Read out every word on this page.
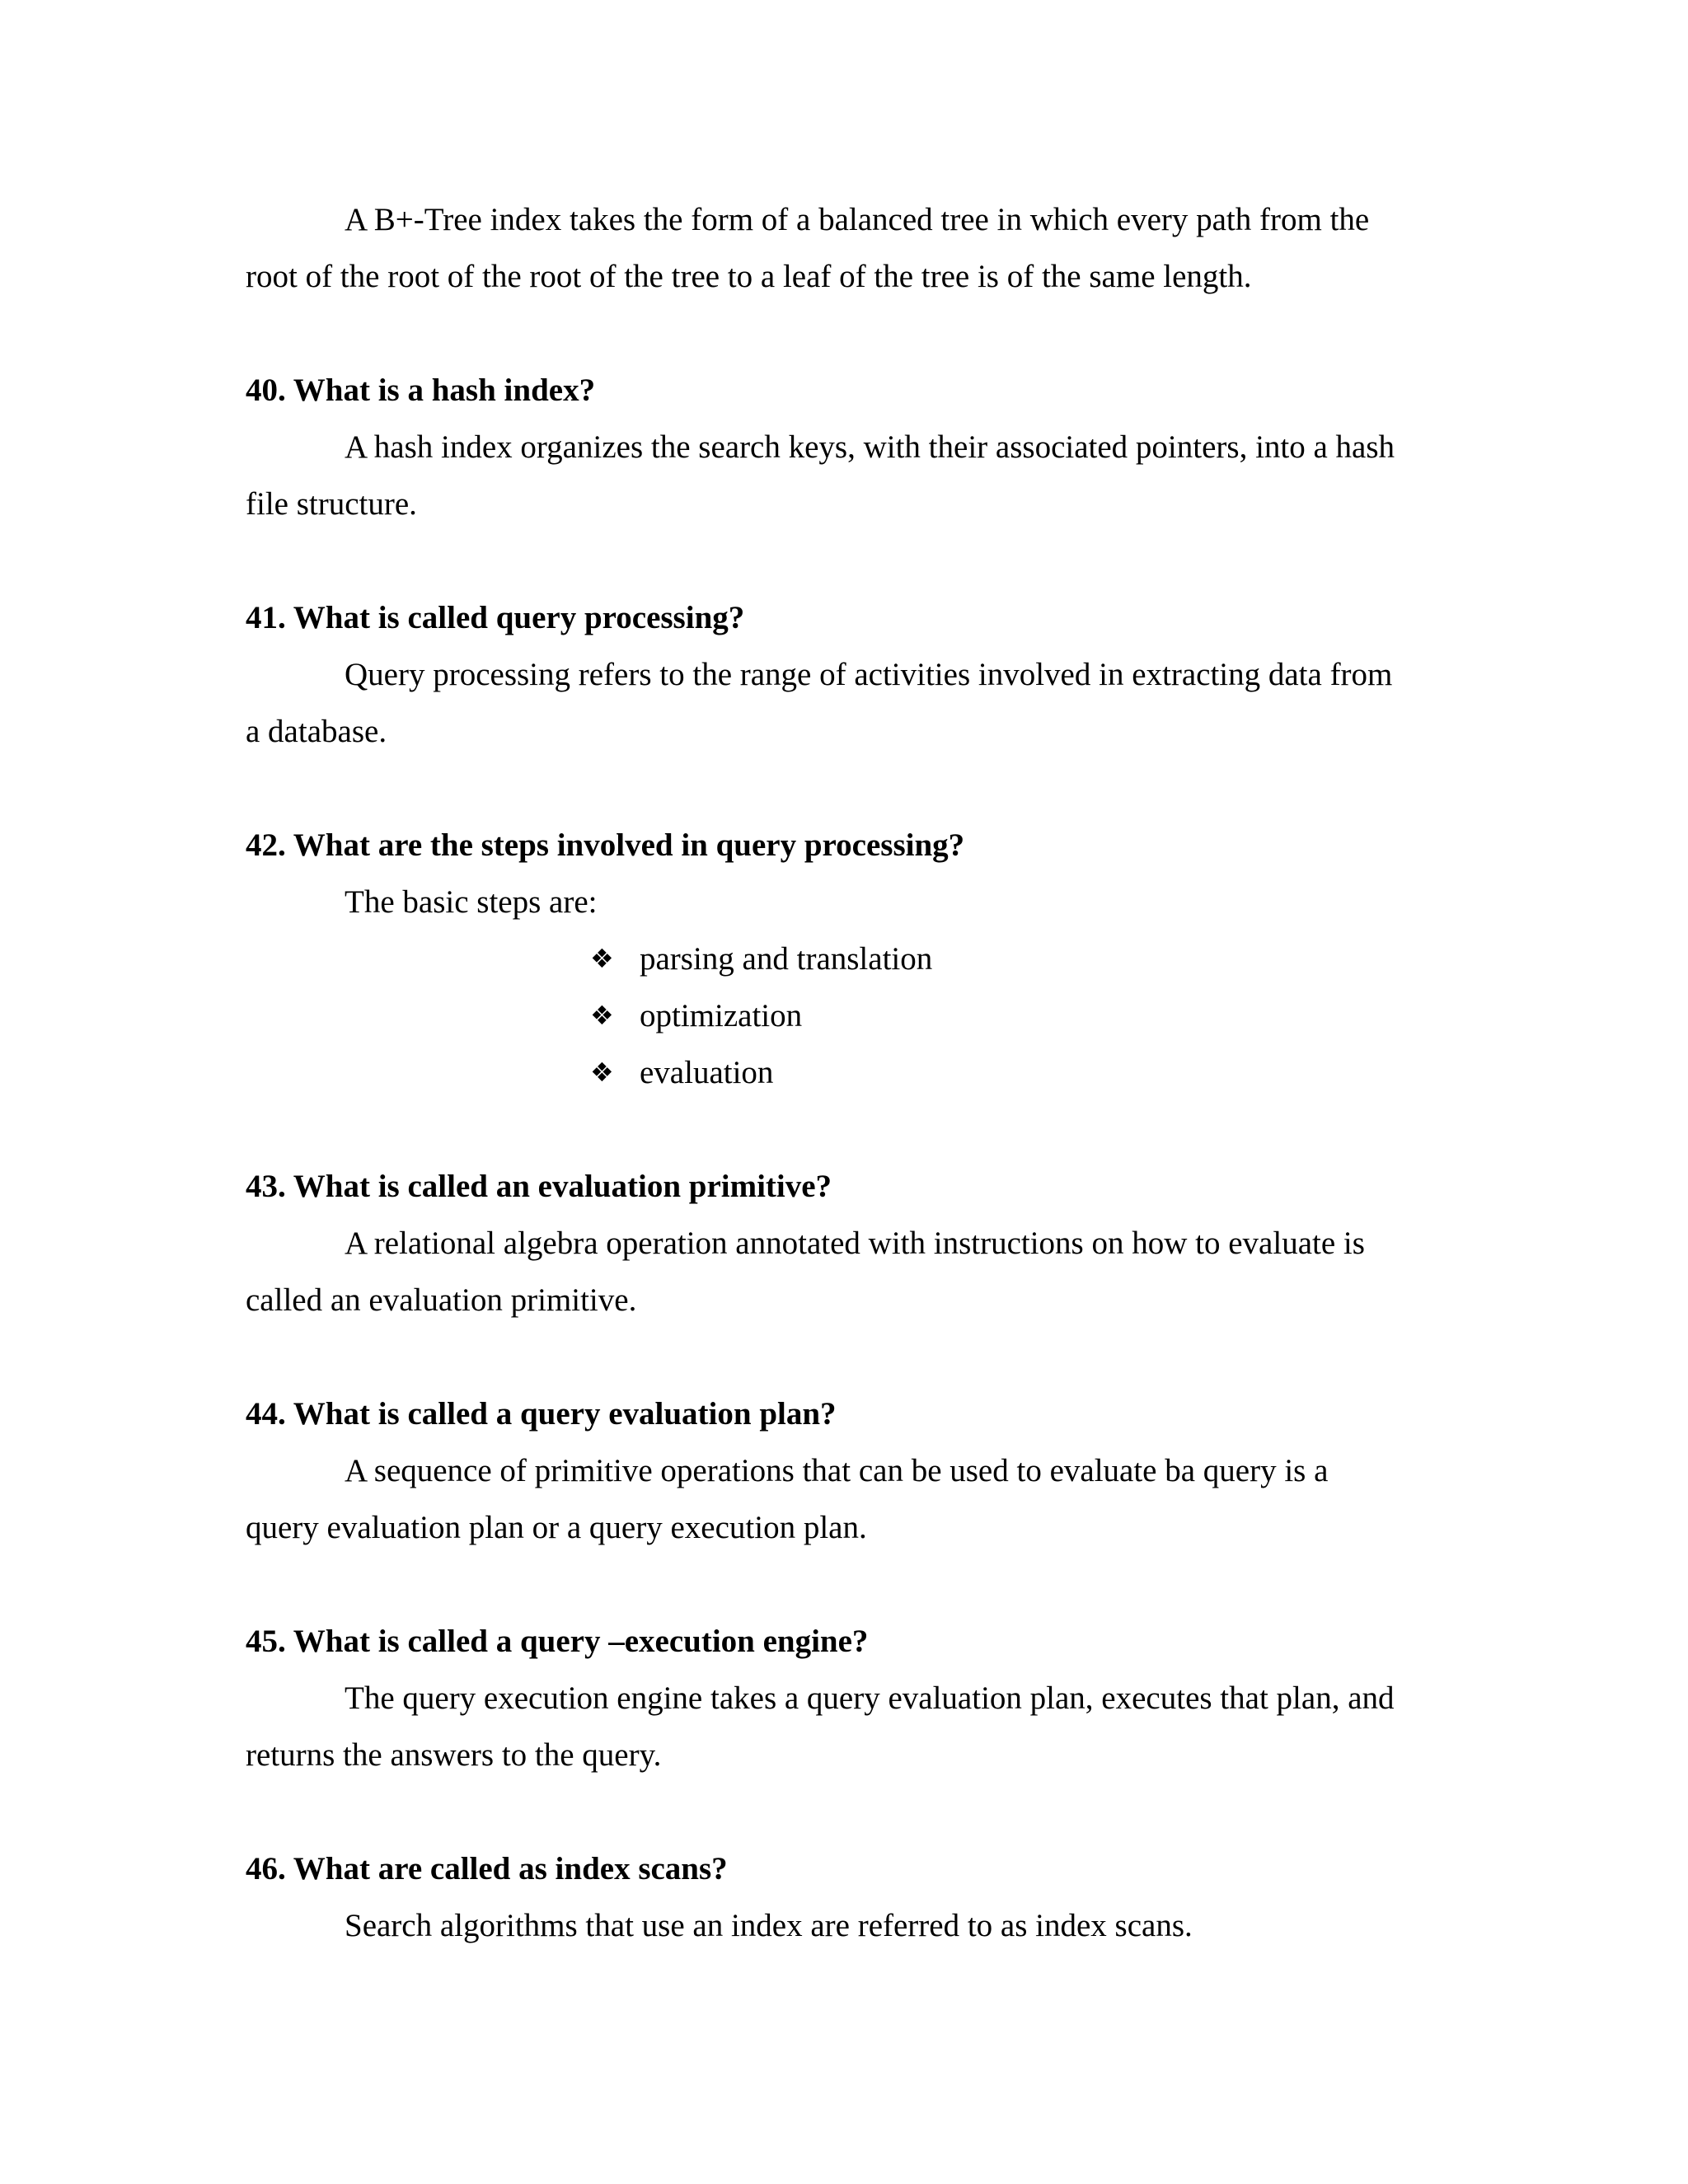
A B+-Tree index takes the form of a balanced tree in which every path from the

root of the root of the root of the tree to a leaf of the tree is of the same length.

40. What is a hash index?

A hash index organizes the search keys, with their associated pointers, into a hash

file structure.

41. What is called query processing?

Query processing refers to the range of activities involved in extracting data from

a database.

42. What are the steps involved in query processing?

The basic steps are:

❖ parsing and translation
❖ optimization
❖ evaluation

43. What is called an evaluation primitive?

A relational algebra operation annotated with instructions on how to evaluate is

called an evaluation primitive.

44. What is called a query evaluation plan?

A sequence of primitive operations that can be used to evaluate ba query is a

query evaluation plan or a query execution plan.

45. What is called a query –execution engine?

The query execution engine takes a query evaluation plan, executes that plan, and

returns the answers to the query.

46. What are called as index scans?

Search algorithms that use an index are referred to as index scans.
